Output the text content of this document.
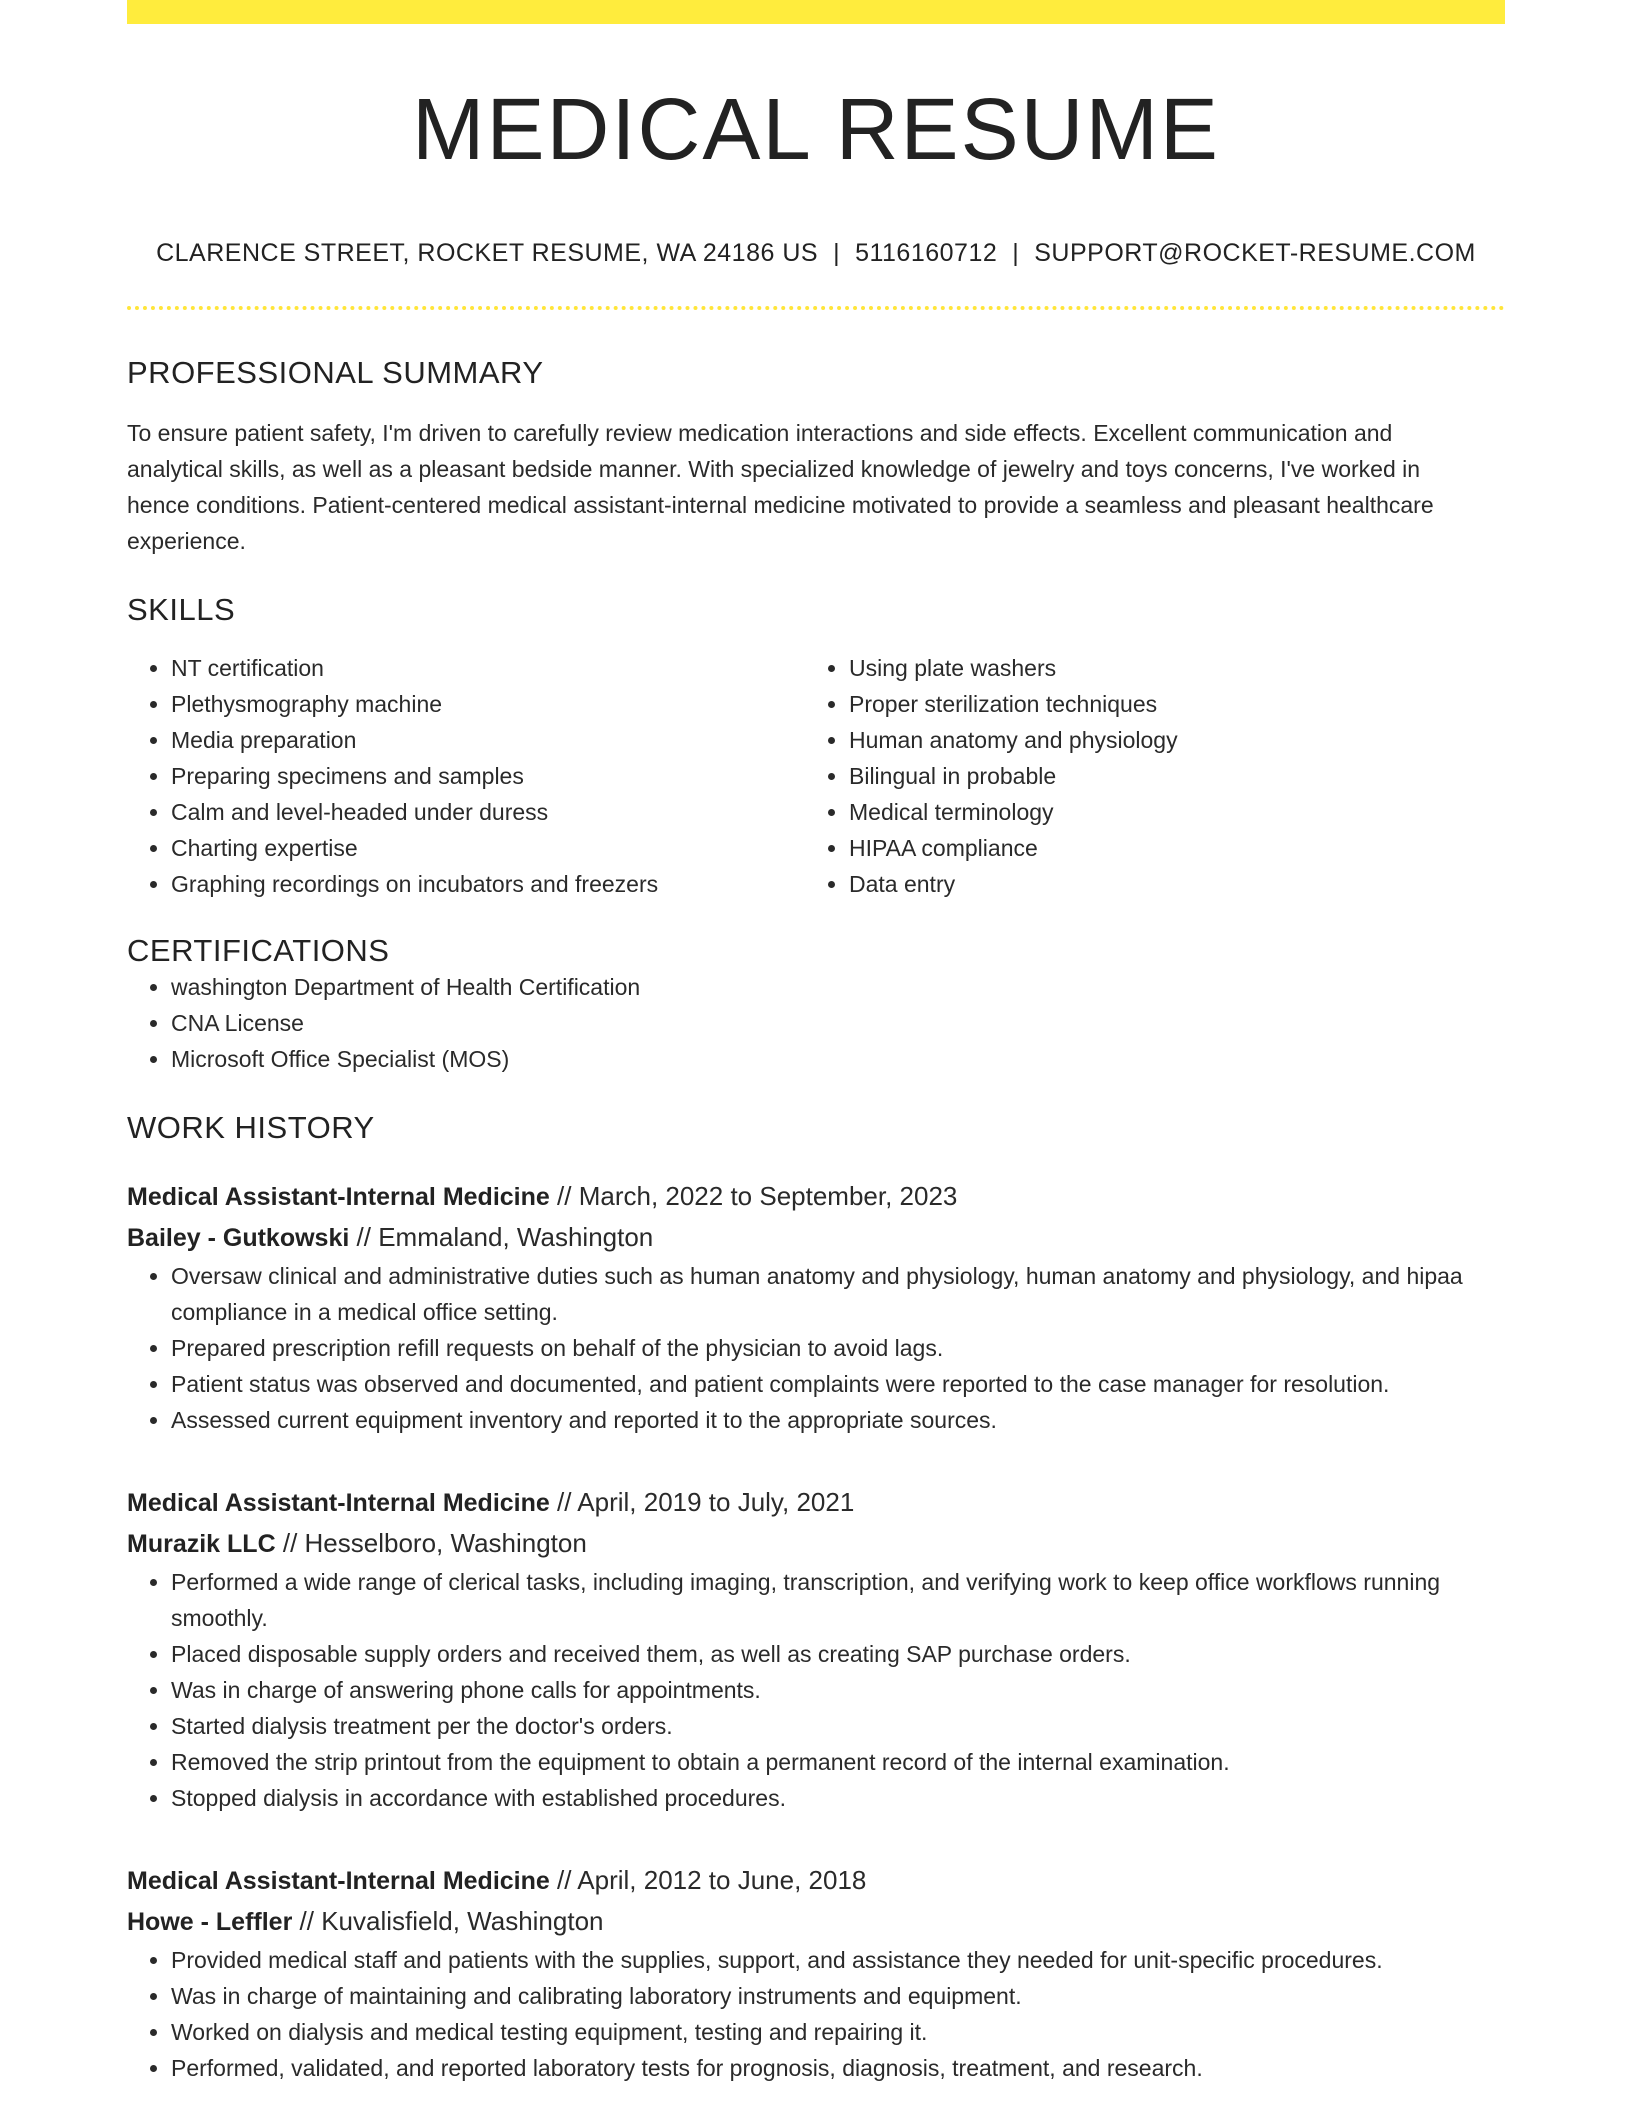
MEDICAL RESUME
CLARENCE STREET, ROCKET RESUME, WA 24186 US | 5116160712 | SUPPORT@ROCKET-RESUME.COM
PROFESSIONAL SUMMARY

To ensure patient safety, I'm driven to carefully review medication interactions and side effects. Excellent communication and analytical skills, as well as a pleasant bedside manner. With specialized knowledge of jewelry and toys concerns, I've worked in hence conditions. Patient-centered medical assistant-internal medicine motivated to provide a seamless and pleasant healthcare experience.

SKILLS
• NT certification
• Plethysmography machine
• Media preparation
• Preparing specimens and samples
• Calm and level-headed under duress
• Charting expertise
• Graphing recordings on incubators and freezers
• Using plate washers
• Proper sterilization techniques
• Human anatomy and physiology
• Bilingual in probable
• Medical terminology
• HIPAA compliance
• Data entry
CERTIFICATIONS
• washington Department of Health Certification
• CNA License
• Microsoft Office Specialist (MOS)
WORK HISTORY
Medical Assistant-Internal Medicine // March, 2022 to September, 2023
Bailey - Gutkowski // Emmaland, Washington
• Oversaw clinical and administrative duties such as human anatomy and physiology, human anatomy and physiology, and hipaa compliance in a medical office setting.
• Prepared prescription refill requests on behalf of the physician to avoid lags.
• Patient status was observed and documented, and patient complaints were reported to the case manager for resolution.
• Assessed current equipment inventory and reported it to the appropriate sources.
Medical Assistant-Internal Medicine // April, 2019 to July, 2021
Murazik LLC // Hesselboro, Washington
• Performed a wide range of clerical tasks, including imaging, transcription, and verifying work to keep office workflows running smoothly.
• Placed disposable supply orders and received them, as well as creating SAP purchase orders.
• Was in charge of answering phone calls for appointments.
• Started dialysis treatment per the doctor's orders.
• Removed the strip printout from the equipment to obtain a permanent record of the internal examination.
• Stopped dialysis in accordance with established procedures.
Medical Assistant-Internal Medicine // April, 2012 to June, 2018
Howe - Leffler // Kuvalisfield, Washington
• Provided medical staff and patients with the supplies, support, and assistance they needed for unit-specific procedures.
• Was in charge of maintaining and calibrating laboratory instruments and equipment.
• Worked on dialysis and medical testing equipment, testing and repairing it.
• Performed, validated, and reported laboratory tests for prognosis, diagnosis, treatment, and research.
